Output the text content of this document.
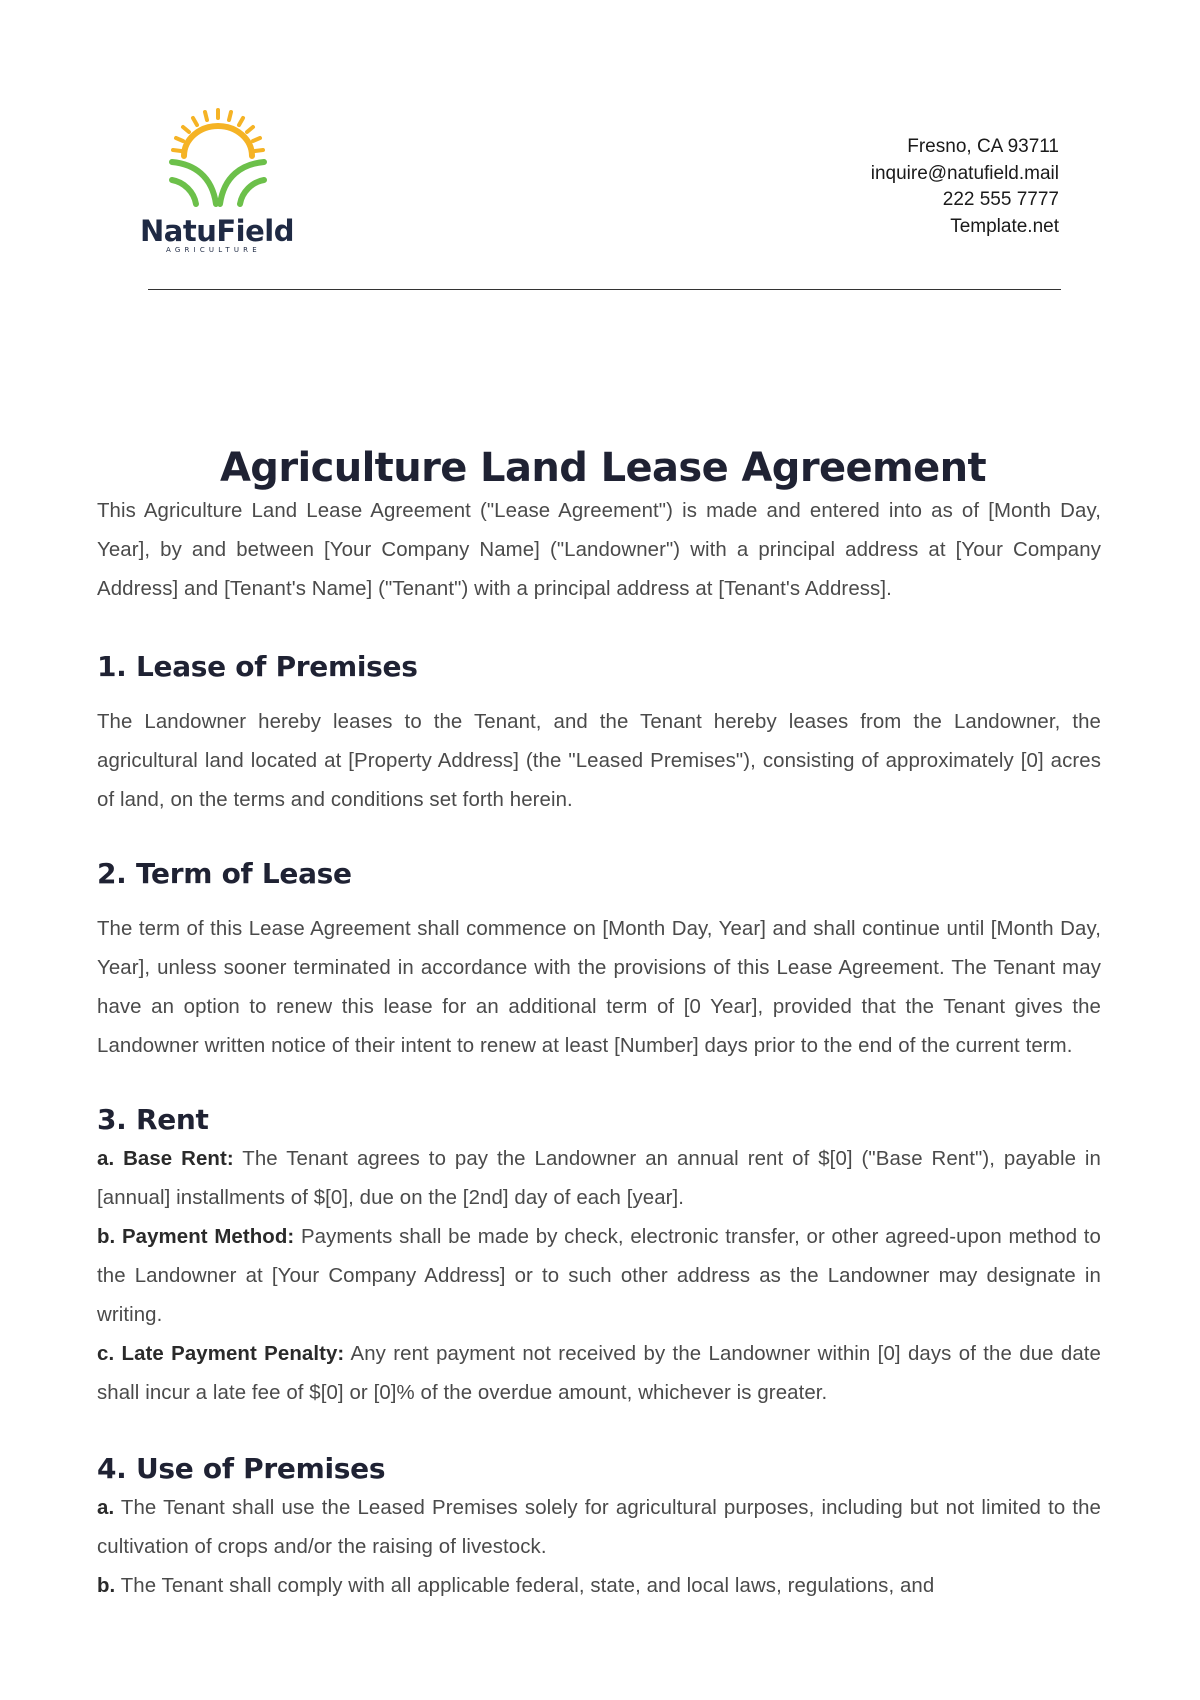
NatuField
AGRICULTURE
Fresno, CA 93711
inquire@natufield.mail
222 555 7777
Template.net
Agriculture Land Lease Agreement

This Agriculture Land Lease Agreement ("Lease Agreement") is made and entered into as of [Month Day, Year], by and between [Your Company Name] ("Landowner") with a principal address at [Your Company Address] and [Tenant's Name] ("Tenant") with a principal address at [Tenant's Address].

1. Lease of Premises

The Landowner hereby leases to the Tenant, and the Tenant hereby leases from the Landowner, the agricultural land located at [Property Address] (the "Leased Premises"), consisting of approximately [0] acres of land, on the terms and conditions set forth herein.

2. Term of Lease

The term of this Lease Agreement shall commence on [Month Day, Year] and shall continue until [Month Day, Year], unless sooner terminated in accordance with the provisions of this Lease Agreement. The Tenant may have an option to renew this lease for an additional term of [0 Year], provided that the Tenant gives the Landowner written notice of their intent to renew at least [Number] days prior to the end of the current term.

3. Rent

a. Base Rent: The Tenant agrees to pay the Landowner an annual rent of $[0] ("Base Rent"), payable in [annual] installments of $[0], due on the [2nd] day of each [year].

b. Payment Method: Payments shall be made by check, electronic transfer, or other agreed-upon method to the Landowner at [Your Company Address] or to such other address as the Landowner may designate in writing.

c. Late Payment Penalty: Any rent payment not received by the Landowner within [0] days of the due date shall incur a late fee of $[0] or [0]% of the overdue amount, whichever is greater.

4. Use of Premises

a. The Tenant shall use the Leased Premises solely for agricultural purposes, including but not limited to the cultivation of crops and/or the raising of livestock.

b. The Tenant shall comply with all applicable federal, state, and local laws, regulations, and
